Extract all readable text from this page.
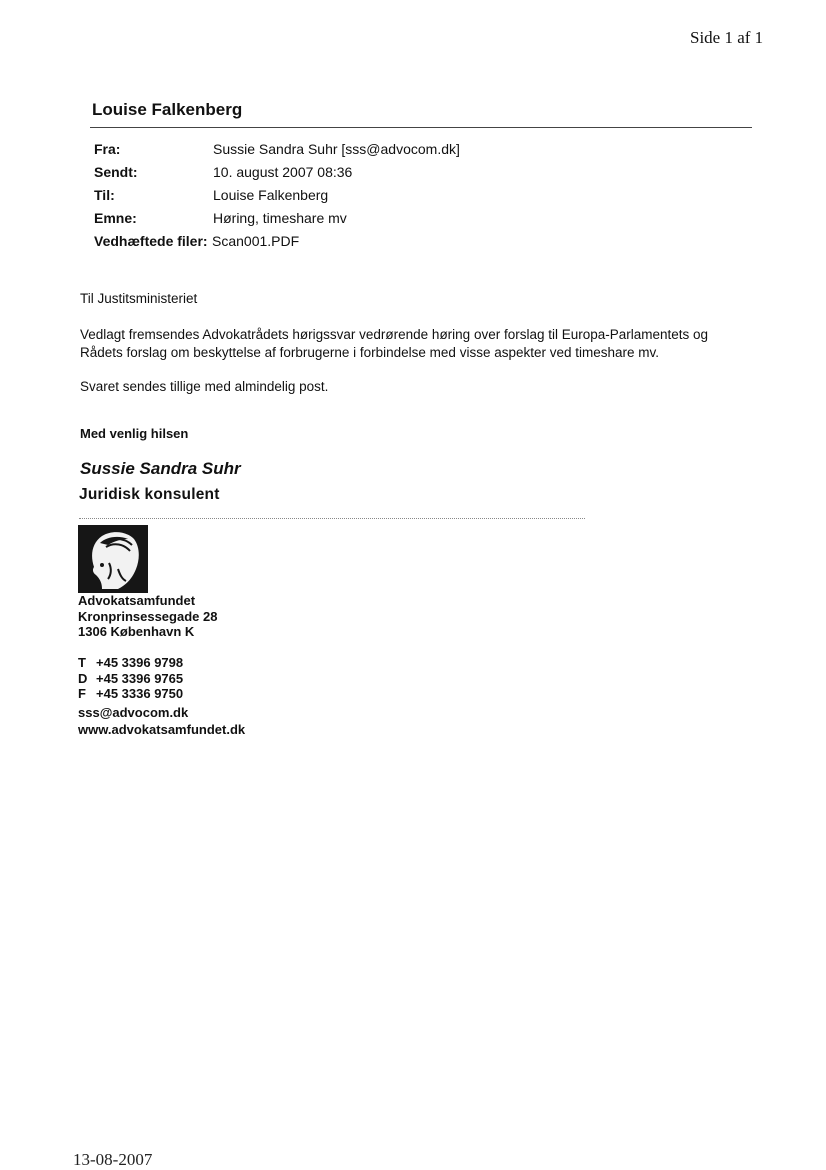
Side 1 af 1
Louise Falkenberg
Fra:	Sussie Sandra Suhr [sss@advocom.dk]
Sendt:	10. august 2007 08:36
Til:	Louise Falkenberg
Emne:	Høring, timeshare mv
Vedhæftede filer: Scan001.PDF
Til Justitsministeriet
Vedlagt fremsendes Advokatrådets hørigssvar vedrørende høring over forslag til Europa-Parlamentets og
Rådets forslag om beskyttelse af forbrugerne i forbindelse med visse aspekter ved timeshare mv.
Svaret sendes tillige med almindelig post.
Med venlig hilsen
Sussie Sandra Suhr
Juridisk konsulent
Advokatsamfundet
Kronprinsessegade 28
1306 København K
T +45 3396 9798
D +45 3396 9765
F +45 3336 9750
sss@advocom.dk
www.advokatsamfundet.dk
13-08-2007
